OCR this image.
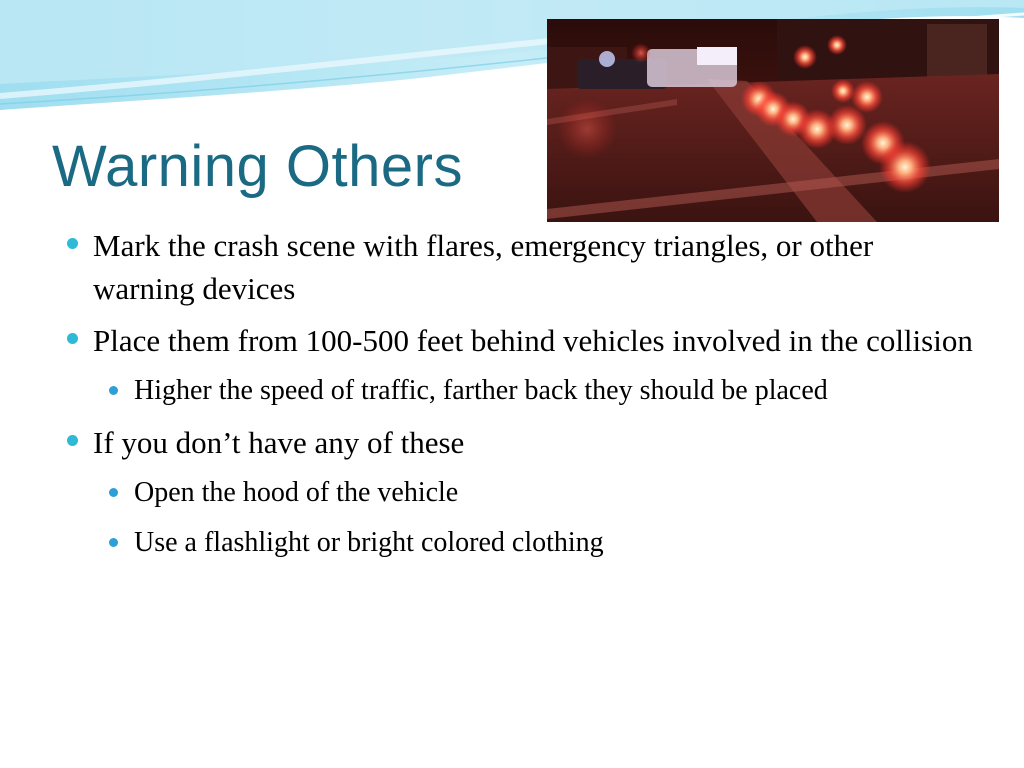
Warning Others
Mark the crash scene with flares, emergency triangles, or other warning devices
Place them from 100-500 feet behind vehicles involved in the collision
Higher the speed of traffic, farther back they should be placed
If you don’t have any of these
Open the hood of the vehicle
Use a flashlight or bright colored clothing
